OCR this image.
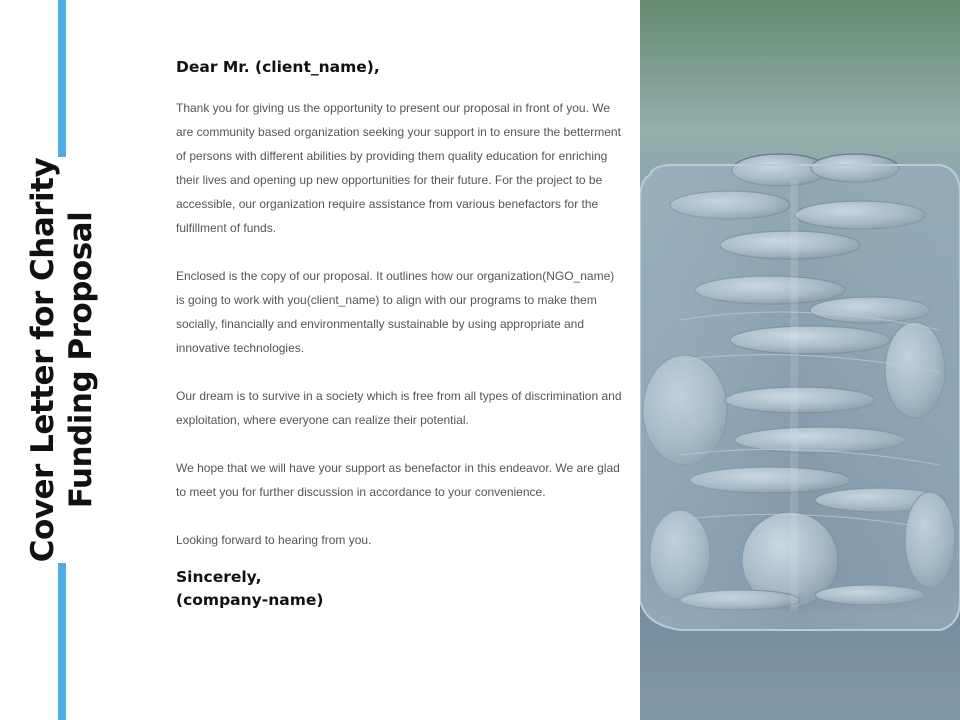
Cover Letter for Charity Funding Proposal

Dear Mr. (client_name),

Thank you for giving us the opportunity to present our proposal in front of you. We are community based organization seeking your support in to ensure the betterment of persons with different abilities by providing them quality education for enriching their lives and opening up new opportunities for their future. For the project to be accessible, our organization require assistance from various benefactors for the fulfillment of funds.

Enclosed is the copy of our proposal. It outlines how our organization(NGO_name) is going to work with you(client_name) to align with our programs to make them socially, financially and environmentally sustainable by using appropriate and innovative technologies.

Our dream is to survive in a society which is free from all types of discrimination and exploitation, where everyone can realize their potential.

We hope that we will have your support as benefactor in this endeavor. We are glad to meet you for further discussion in accordance to your convenience.

Looking forward to hearing from you.

Sincerely,
(company-name)
